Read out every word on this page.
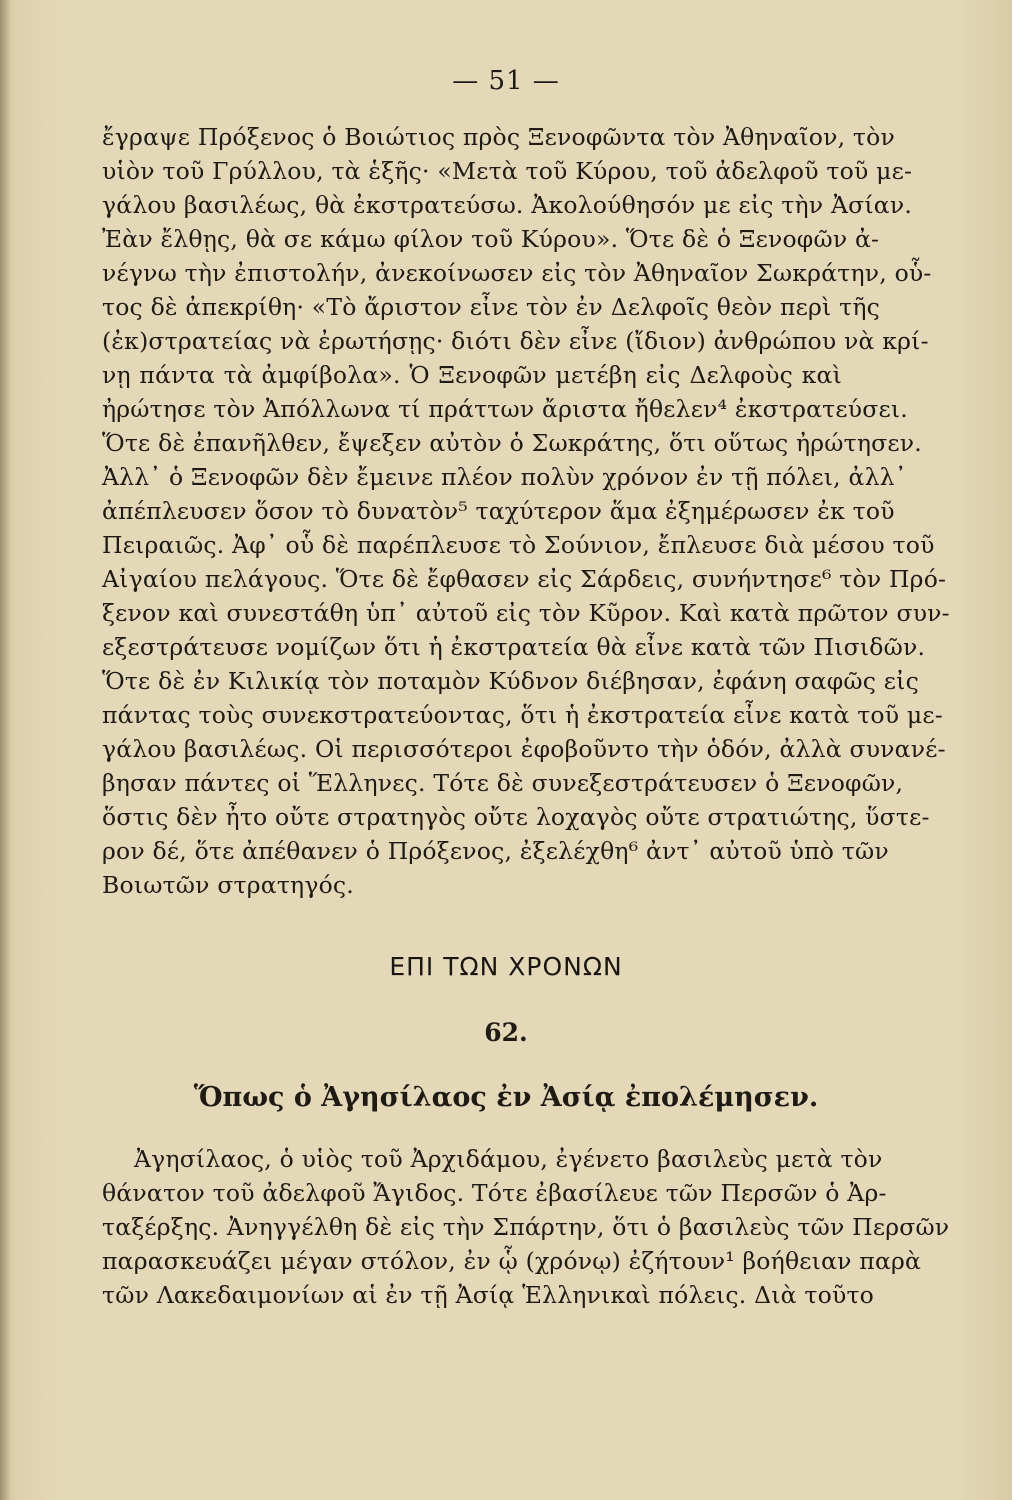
— 51 —
ἔγραψε Πρόξενος ὁ Βοιώτιος πρὸς Ξενοφῶντα τὸν Ἀθηναῖον, τὸν
υἱὸν τοῦ Γρύλλου, τὰ ἑξῆς· «Μετὰ τοῦ Κύρου, τοῦ ἀδελφοῦ τοῦ με-
γάλου βασιλέως, θὰ ἐκστρατεύσω. Ἀκολούθησόν με εἰς τὴν Ἀσίαν.
Ἐὰν ἔλθῃς, θὰ σε κάμω φίλον τοῦ Κύρου». Ὅτε δὲ ὁ Ξενοφῶν ἀ-
νέγνω τὴν ἐπιστολήν, ἀνεκοίνωσεν εἰς τὸν Ἀθηναῖον Σωκράτην, οὗ-
τος δὲ ἀπεκρίθη· «Τὸ ἄριστον εἶνε τὸν ἐν Δελφοῖς θεὸν περὶ τῆς
(ἐκ)στρατείας νὰ ἐρωτήσῃς· διότι δὲν εἶνε (ἴδιον) ἀνθρώπου νὰ κρί-
νῃ πάντα τὰ ἀμφίβολα». Ὁ Ξενοφῶν μετέβη εἰς Δελφοὺς καὶ
ἠρώτησε τὸν Ἀπόλλωνα τί πράττων ἄριστα ἤθελεν⁴ ἐκστρατεύσει.
Ὅτε δὲ ἐπανῆλθεν, ἔψεξεν αὐτὸν ὁ Σωκράτης, ὅτι οὕτως ἠρώτησεν.
Ἀλλ᾿ ὁ Ξενοφῶν δὲν ἔμεινε πλέον πολὺν χρόνον ἐν τῇ πόλει, ἀλλ᾿
ἀπέπλευσεν ὅσον τὸ δυνατὸν⁵ ταχύτερον ἅμα ἐξημέρωσεν ἐκ τοῦ
Πειραιῶς. Ἀφ᾿ οὗ δὲ παρέπλευσε τὸ Σούνιον, ἔπλευσε διὰ μέσου τοῦ
Αἰγαίου πελάγους. Ὅτε δὲ ἔφθασεν εἰς Σάρδεις, συνήντησε⁶ τὸν Πρό-
ξενον καὶ συνεστάθη ὑπ᾿ αὐτοῦ εἰς τὸν Κῦρον. Καὶ κατὰ πρῶτον συν-
εξεστράτευσε νομίζων ὅτι ἡ ἐκστρατεία θὰ εἶνε κατὰ τῶν Πισιδῶν.
Ὅτε δὲ ἐν Κιλικίᾳ τὸν ποταμὸν Κύδνον διέβησαν, ἐφάνη σαφῶς εἰς
πάντας τοὺς συνεκστρατεύοντας, ὅτι ἡ ἐκστρατεία εἶνε κατὰ τοῦ με-
γάλου βασιλέως. Οἱ περισσότεροι ἐφοβοῦντο τὴν ὁδόν, ἀλλὰ συνανέ-
βησαν πάντες οἱ Ἕλληνες. Τότε δὲ συνεξεστράτευσεν ὁ Ξενοφῶν,
ὅστις δὲν ἦτο οὔτε στρατηγὸς οὔτε λοχαγὸς οὔτε στρατιώτης, ὕστε-
ρον δέ, ὅτε ἀπέθανεν ὁ Πρόξενος, ἐξελέχθη⁶ ἀντ᾿ αὐτοῦ ὑπὸ τῶν
Βοιωτῶν στρατηγός.
ΕΠΙ ΤΩΝ ΧΡΟΝΩΝ
62.
Ὅπως ὁ Ἀγησίλαος ἐν Ἀσίᾳ ἐπολέμησεν.
Ἀγησίλαος, ὁ υἱὸς τοῦ Ἀρχιδάμου, ἐγένετο βασιλεὺς μετὰ τὸν
θάνατον τοῦ ἀδελφοῦ Ἄγιδος. Τότε ἐβασίλευε τῶν Περσῶν ὁ Ἀρ-
ταξέρξης. Ἀνηγγέλθη δὲ εἰς τὴν Σπάρτην, ὅτι ὁ βασιλεὺς τῶν Περσῶν
παρασκευάζει μέγαν στόλον, ἐν ᾧ (χρόνῳ) ἐζήτουν¹ βοήθειαν παρὰ
τῶν Λακεδαιμονίων αἱ ἐν τῇ Ἀσίᾳ Ἑλληνικαὶ πόλεις. Διὰ τοῦτο
